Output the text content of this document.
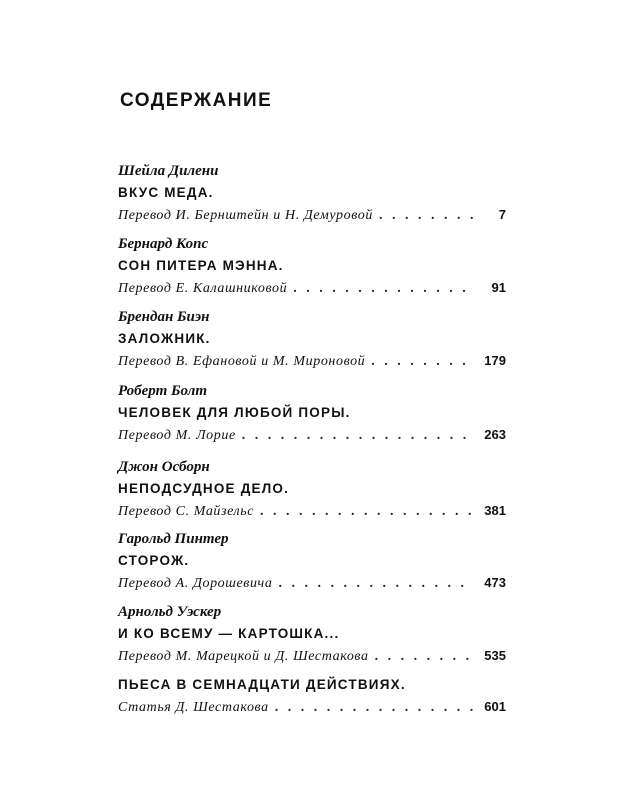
СОДЕРЖАНИЕ
Шейла Дилени
ВКУС МЕДА.
Перевод И. Бернштейн и Н. Демуровой . . .	7
Бернард Копс
СОН ПИТЕРА МЭННА.
Перевод Е. Калашниковой . . .	91
Брендан Биэн
ЗАЛОЖНИК.
Перевод В. Ефановой и М. Мироновой . . .	179
Роберт Болт
ЧЕЛОВЕК ДЛЯ ЛЮБОЙ ПОРЫ.
Перевод М. Лорие . . .	263
Джон Осборн
НЕПОДСУДНОЕ ДЕЛО.
Перевод С. Майзельс . . .	381
Гарольд Пинтер
СТОРОЖ.
Перевод А. Дорошевича . . .	473
Арнольд Уэскер
И КО ВСЕМУ — КАРТОШКА...
Перевод М. Марецкой и Д. Шестакова . . .	535
ПЬЕСА В СЕМНАДЦАТИ ДЕЙСТВИЯХ.
Статья Д. Шестакова . . .	601
